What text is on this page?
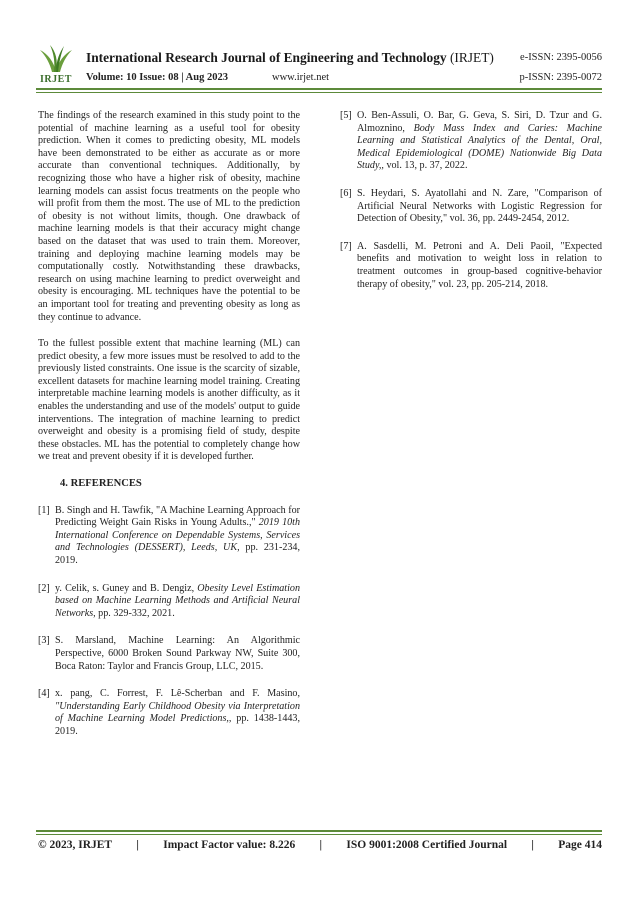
IRJET
International Research Journal of Engineering and Technology (IRJET) e-ISSN: 2395-0056
Volume: 10 Issue: 08 | Aug 2023	www.irjet.net	p-ISSN: 2395-0072

The findings of the research examined in this study point to the potential of machine learning as a useful tool for obesity prediction. When it comes to predicting obesity, ML models have been demonstrated to be either as accurate as or more accurate than conventional techniques. Additionally, by recognizing those who have a higher risk of obesity, machine learning models can assist focus treatments on the people who will profit from them the most. The use of ML to the prediction of obesity is not without limits, though. One drawback of machine learning models is that their accuracy might change based on the dataset that was used to train them. Moreover, training and deploying machine learning models may be computationally costly. Notwithstanding these drawbacks, research on using machine learning to predict overweight and obesity is encouraging. ML techniques have the potential to be an important tool for treating and preventing obesity as long as they continue to advance.

To the fullest possible extent that machine learning (ML) can predict obesity, a few more issues must be resolved to add to the previously listed constraints. One issue is the scarcity of sizable, excellent datasets for machine learning model training. Creating interpretable machine learning models is another difficulty, as it enables the understanding and use of the models' output to guide interventions. The integration of machine learning to predict overweight and obesity is a promising field of study, despite these obstacles. ML has the potential to completely change how we treat and prevent obesity if it is developed further.

4. REFERENCES
[1] B. Singh and H. Tawfik, "A Machine Learning Approach for Predicting Weight Gain Risks in Young Adults.," 2019 10th International Conference on Dependable Systems, Services and Technologies (DESSERT), Leeds, UK, pp. 231-234, 2019.
[2] y. Celik, s. Guney and B. Dengiz, Obesity Level Estimation based on Machine Learning Methods and Artificial Neural Networks, pp. 329-332, 2021.
[3] S. Marsland, Machine Learning: An Algorithmic Perspective, 6000 Broken Sound Parkway NW, Suite 300, Boca Raton: Taylor and Francis Group, LLC, 2015.
[4] x. pang, C. Forrest, F. Lê-Scherban and F. Masino, "Understanding Early Childhood Obesity via Interpretation of Machine Learning Model Predictions,, pp. 1438-1443, 2019.
[5] O. Ben-Assuli, O. Bar, G. Geva, S. Siri, D. Tzur and G. Almoznino, Body Mass Index and Caries: Machine Learning and Statistical Analytics of the Dental, Oral, Medical Epidemiological (DOME) Nationwide Big Data Study,, vol. 13, p. 37, 2022.
[6] S. Heydari, S. Ayatollahi and N. Zare, "Comparison of Artificial Neural Networks with Logistic Regression for Detection of Obesity," vol. 36, pp. 2449-2454, 2012.
[7] A. Sasdelli, M. Petroni and A. Deli Paoil, "Expected benefits and motivation to weight loss in relation to treatment outcomes in group-based cognitive-behavior therapy of obesity," vol. 23, pp. 205-214, 2018.
© 2023, IRJET | Impact Factor value: 8.226 | ISO 9001:2008 Certified Journal | Page 414
